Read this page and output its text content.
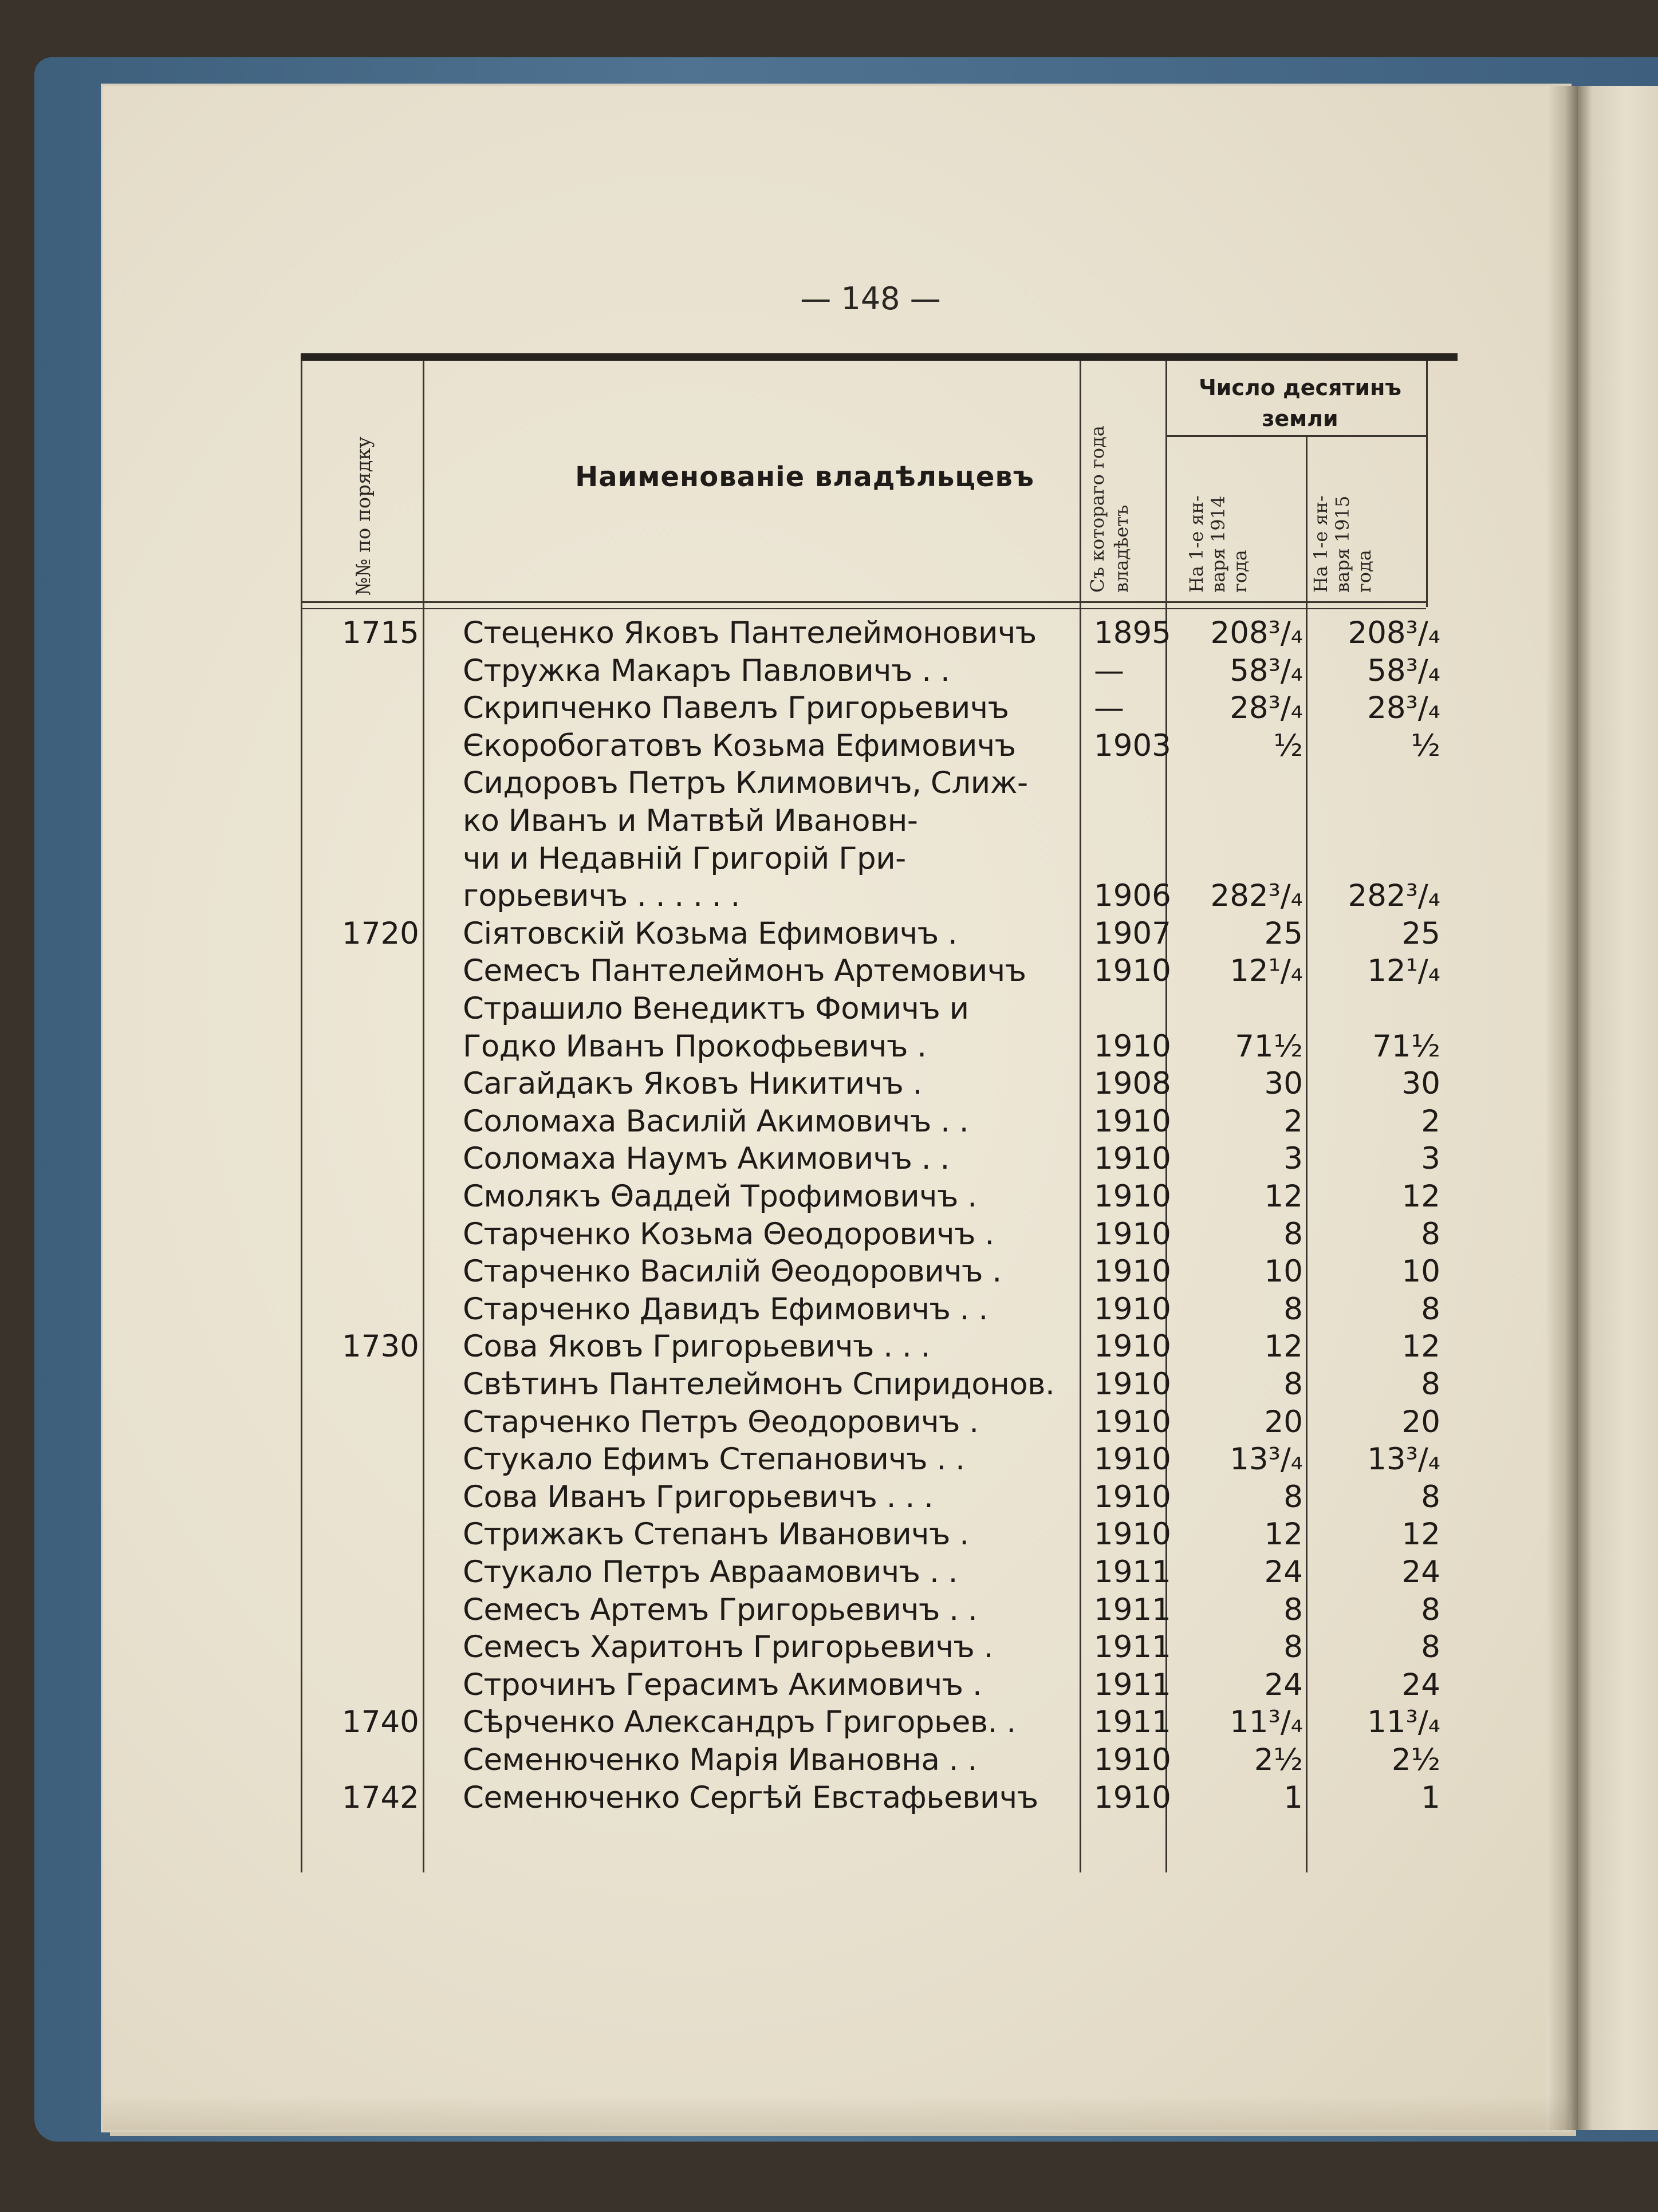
— 148 —
№№ по порядку	Наименованіе владѣльцевъ	Съ котораго года владѣетъ
Число десятинъ
земли
На 1-е ян- варя 1914 года	На 1-е ян- варя 1915 года
1715 Стеценко Яковъ Пантелеймоновичъ 1895	208³/₄	208³/₄
Стружка Макаръ Павловичъ . .	—	58³/₄	58³/₄
Скрипченко Павелъ Григорьевичъ	—	28³/₄	28³/₄
Єкоробогатовъ Козьма Ефимовичъ	1903	½	½
Сидоровъ Петръ Климовичъ, Слиж-
ко Иванъ и Матвѣй Ивановн-
чи и Недавній Григорій Гри-
горьевичъ . . . . . .	1906	282³/₄	282³/₄
1720 Сіятовскій Козьма Ефимовичъ .	1907	25	25
Семесъ Пантелеймонъ Артемовичъ 1910	12¹/₄	12¹/₄
Страшило Венедиктъ Фомичъ и
Годко Иванъ Прокофьевичъ .	1910	71½	71½
Сагайдакъ Яковъ Никитичъ .	1908	30	30
Соломаха Василій Акимовичъ . .	1910	2	2
Соломаха Наумъ Акимовичъ . .	1910	3	3
Смолякъ Θаддей Трофимовичъ .	1910	12	12
Старченко Козьма Θеодоровичъ .	1910	8	8
Старченко Василій Θеодоровичъ .	1910	10	10
Старченко Давидъ Ефимовичъ . .	1910	8	8
1730 Сова Яковъ Григорьевичъ . . .	1910	12	12
Свѣтинъ Пантелеймонъ Спиридонов. 1910	8	8
Старченко Петръ Θеодоровичъ .	1910	20	20
Стукало Ефимъ Степановичъ . .	1910	13³/₄	13³/₄
Сова Иванъ Григорьевичъ . . .	1910	8	8
Стрижакъ Степанъ Ивановичъ .	1910	12	12
Стукало Петръ Авраамовичъ . .	1911	24	24
Семесъ Артемъ Григорьевичъ . .	1911	8	8
Семесъ Харитонъ Григорьевичъ .	1911	8	8
Строчинъ Герасимъ Акимовичъ .	1911	24	24
1740 Сѣрченко Александръ Григорьев. .	1911	11³/₄	11³/₄
Семенюченко Марія Ивановна . .	1910	2½	2½
1742 Семенюченко Сергѣй Евстафьевичъ 1910	1	1
